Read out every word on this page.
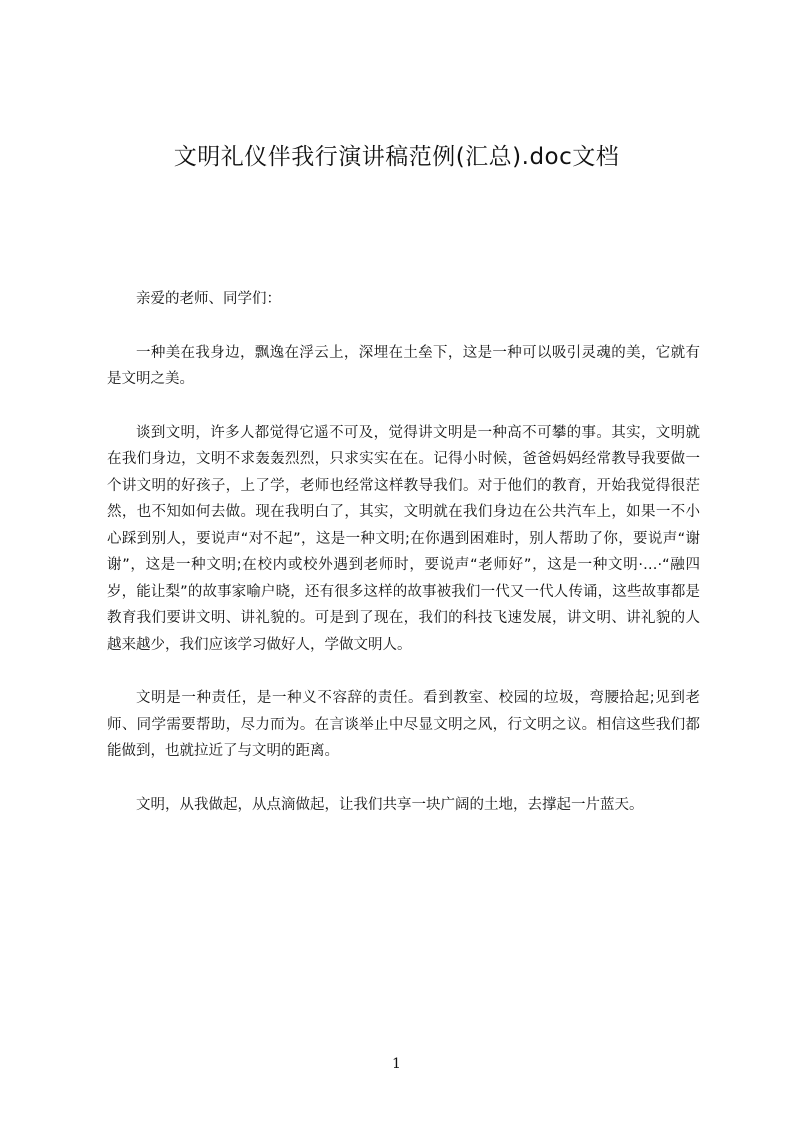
文明礼仪伴我行演讲稿范例(汇总).doc文档

亲爱的老师、同学们：

一种美在我身边，飘逸在浮云上，深埋在土垒下，这是一种可以吸引灵魂的美，它就有是文明之美。

谈到文明，许多人都觉得它遥不可及，觉得讲文明是一种高不可攀的事。其实，文明就在我们身边，文明不求轰轰烈烈，只求实实在在。记得小时候，爸爸妈妈经常教导我要做一个讲文明的好孩子，上了学，老师也经常这样教导我们。对于他们的教育，开始我觉得很茫然，也不知如何去做。现在我明白了，其实，文明就在我们身边在公共汽车上，如果一不小心踩到别人，要说声“对不起”，这是一种文明;在你遇到困难时，别人帮助了你，要说声“谢谢”，这是一种文明;在校内或校外遇到老师时，要说声“老师好”，这是一种文明·…·“融四岁，能让梨”的故事家喻户晓，还有很多这样的故事被我们一代又一代人传诵，这些故事都是教育我们要讲文明、讲礼貌的。可是到了现在，我们的科技飞速发展，讲文明、讲礼貌的人越来越少，我们应该学习做好人，学做文明人。

文明是一种责任，是一种义不容辞的责任。看到教室、校园的垃圾，弯腰拾起;见到老师、同学需要帮助，尽力而为。在言谈举止中尽显文明之风，行文明之议。相信这些我们都能做到，也就拉近了与文明的距离。

文明，从我做起，从点滴做起，让我们共享一块广阔的土地，去撑起一片蓝天。

1
